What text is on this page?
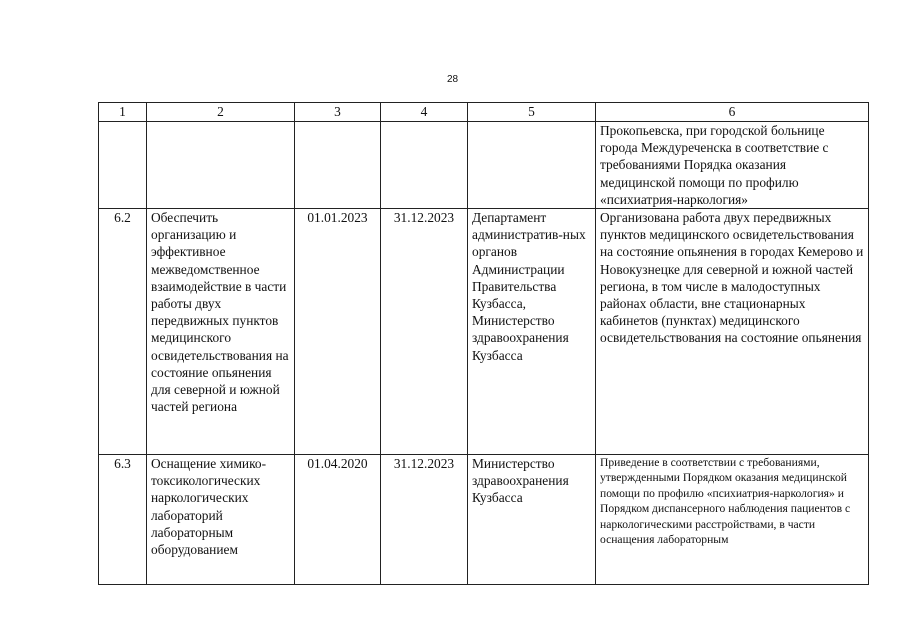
28
1	2	3	4	5	6
					Прокопьевска, при городской больнице города Междуреченска в соответствие с требованиями Порядка оказания медицинской помощи по профилю «психиатрия-наркология»
6.2	Обеспечить организацию и эффективное межведомственное взаимодействие в части работы двух передвижных пунктов медицинского освидетельствования на состояние опьянения для северной и южной частей региона	01.01.2023	31.12.2023	Департамент административ-ных органов Администрации Правительства Кузбасса, Министерство здравоохранения Кузбасса	Организована работа двух передвижных пунктов медицинского освидетельствования на состояние опьянения в городах Кемерово и Новокузнецке для северной и южной частей региона, в том числе в малодоступных районах области, вне стационарных кабинетов (пунктах) медицинского освидетельствования на состояние опьянения
6.3	Оснащение химико-токсикологических наркологических лабораторий лабораторным оборудованием	01.04.2020	31.12.2023	Министерство здравоохранения Кузбасса	Приведение в соответствии с требованиями, утвержденными Порядком оказания медицинской помощи по профилю «психиатрия-наркология» и Порядком диспансерного наблюдения пациентов с наркологическими расстройствами, в части оснащения лабораторным
